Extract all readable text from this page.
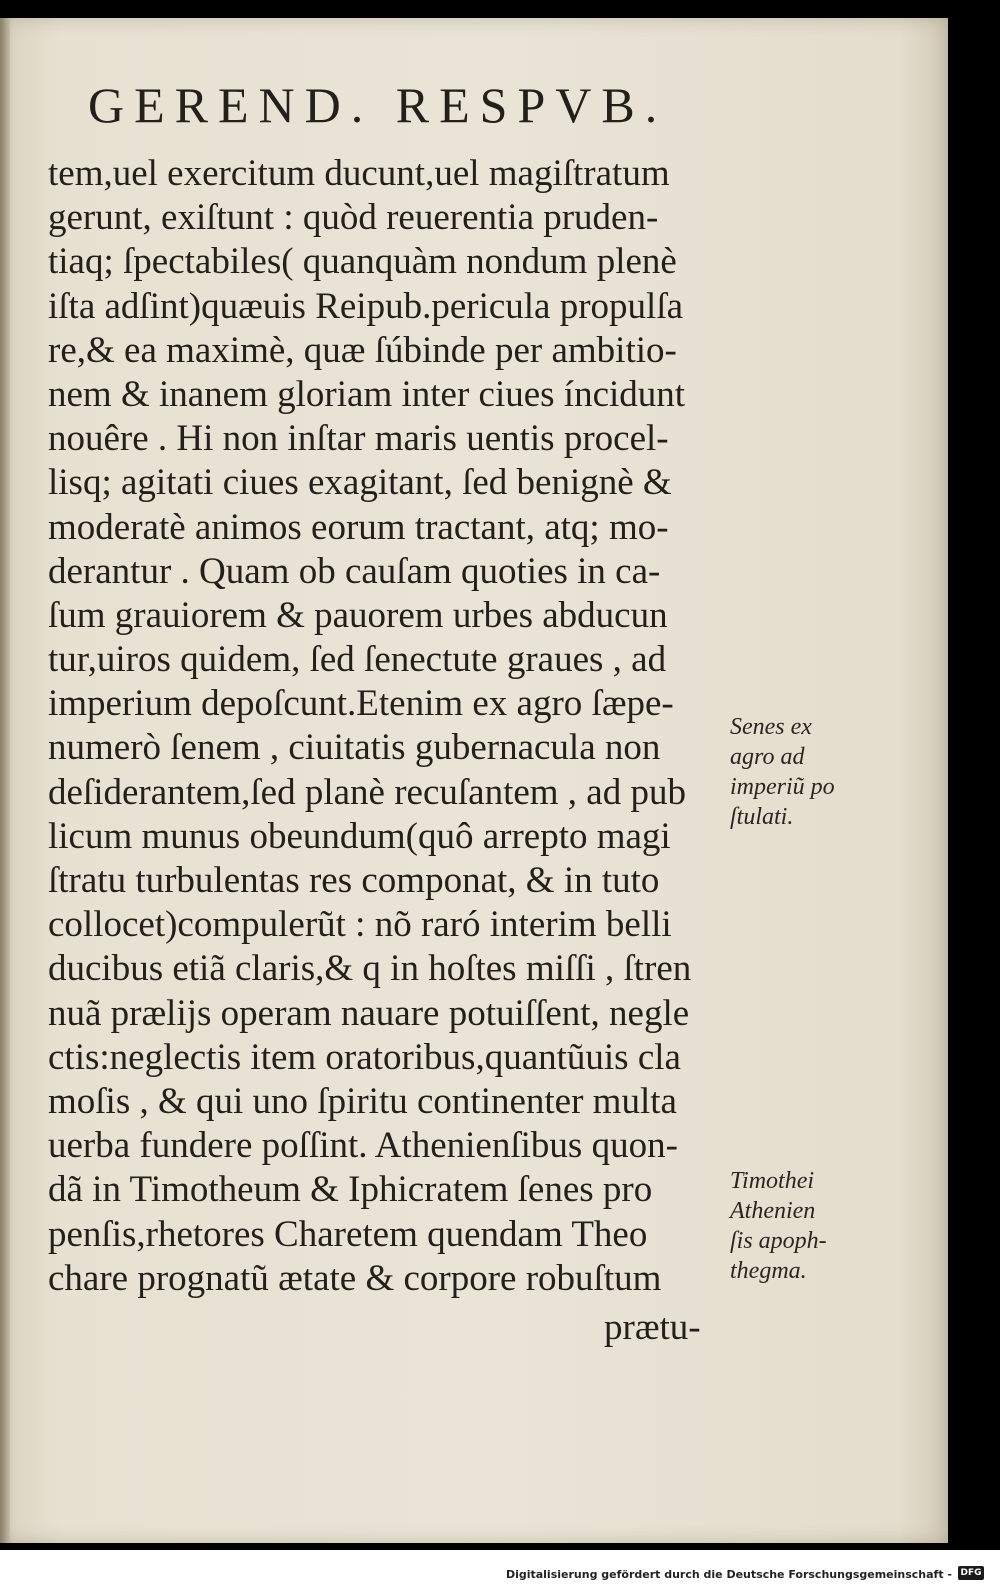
GEREND. RESPVB.
tem,uel exercitum ducunt,uel magiſtratum
gerunt, exiſtunt : quòd reuerentia pruden-
tiaq; ſpectabiles( quanquàm nondum plenè
iſta adſint)quæuis Reipub.pericula propulſa
re,& ea maximè, quæ ſúbinde per ambitio-
nem & inanem gloriam inter ciues íncidunt
nouêre . Hi non inſtar maris uentis procel-
lisq; agitati ciues exagitant, ſed benignè &
moderatè animos eorum tractant, atq; mo-
derantur . Quam ob cauſam quoties in ca-
ſum grauiorem & pauorem urbes abducun
tur,uiros quidem, ſed ſenectute graues , ad
imperium depoſcunt.Etenim ex agro ſæpe-
numerò ſenem , ciuitatis gubernacula non
deſiderantem,ſed planè recuſantem , ad pub
licum munus obeundum(quô arrepto magi
ſtratu turbulentas res componat, & in tuto
collocet)compulerũt : nõ raró interim belli
ducibus etiã claris,& q in hoſtes miſſi , ſtren
nuã prælijs operam nauare potuiſſent, negle
ctis:neglectis item oratoribus,quantũuis cla
moſis , & qui uno ſpiritu continenter multa
uerba fundere poſſint. Athenienſibus quon-
dã in Timotheum & Iphicratem ſenes pro
penſis,rhetores Charetem quendam Theo
chare prognatũ ætate & corpore robuſtum
prætu-
Senes ex
agro ad
imperiũ po
ſtulati.
Timothei
Athenien
ſis apoph-
thegma.
Digitalisierung gefördert durch die Deutsche Forschungsgemeinschaft - DFG
